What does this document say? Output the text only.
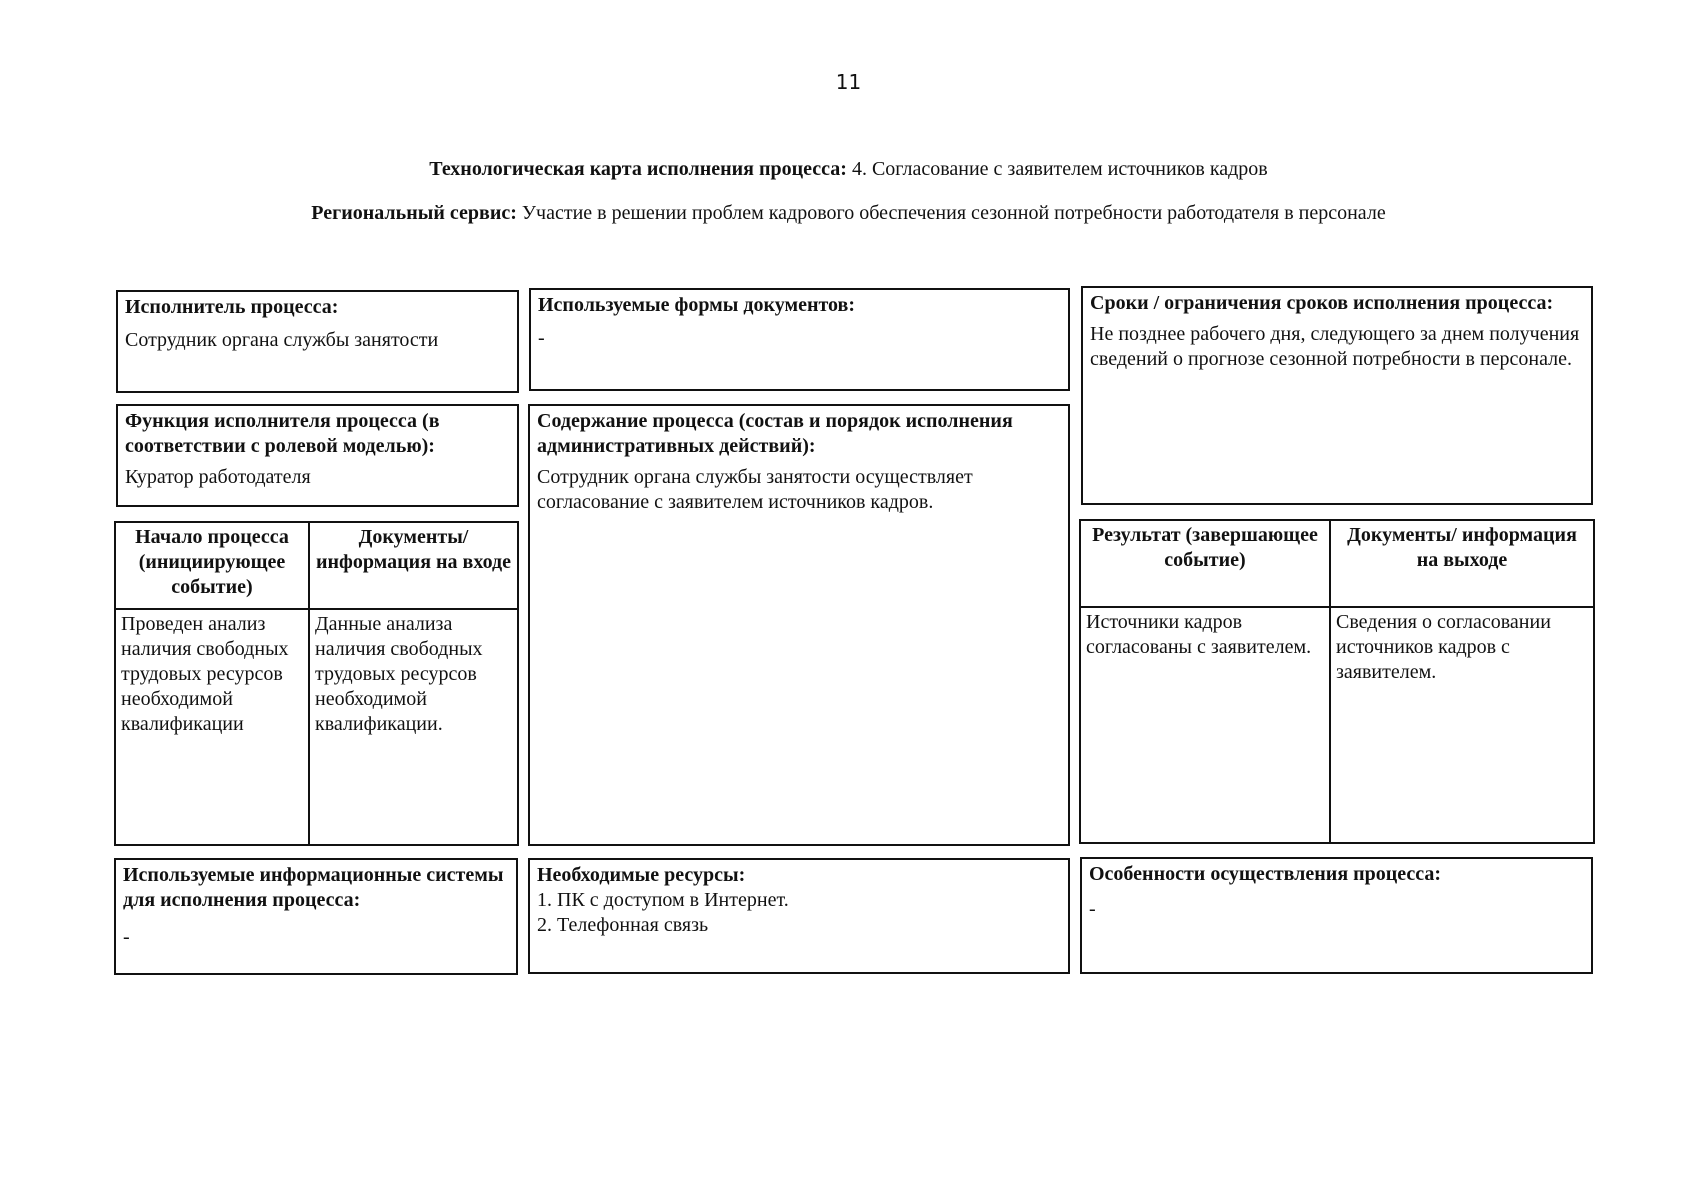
11
Технологическая карта исполнения процесса: 4. Согласование с заявителем источников кадров
Региональный сервис: Участие в решении проблем кадрового обеспечения сезонной потребности работодателя в персонале
Исполнитель процесса:
Сотрудник органа службы занятости
Используемые формы документов:
-
Сроки / ограничения сроков исполнения процесса:
Не позднее рабочего дня, следующего за днем получения сведений о прогнозе сезонной потребности в персонале.
Функция исполнителя процесса (в соответствии с ролевой моделью):
Куратор работодателя
Содержание процесса (состав и порядок исполнения административных действий):
Сотрудник органа службы занятости осуществляет согласование с заявителем источников кадров.
Начало процесса (инициирующее событие)	Документы/ информация на входе
Проведен анализ наличия свободных трудовых ресурсов необходимой квалификации	Данные анализа наличия свободных трудовых ресурсов необходимой квалификации.
Результат (завершающее событие)	Документы/ информация на выходе
Источники кадров согласованы с заявителем.	Сведения о согласовании источников кадров с заявителем.
Используемые информационные системы для исполнения процесса:
-
Необходимые ресурсы:
1. ПК с доступом в Интернет.
2. Телефонная связь
Особенности осуществления процесса:
-
